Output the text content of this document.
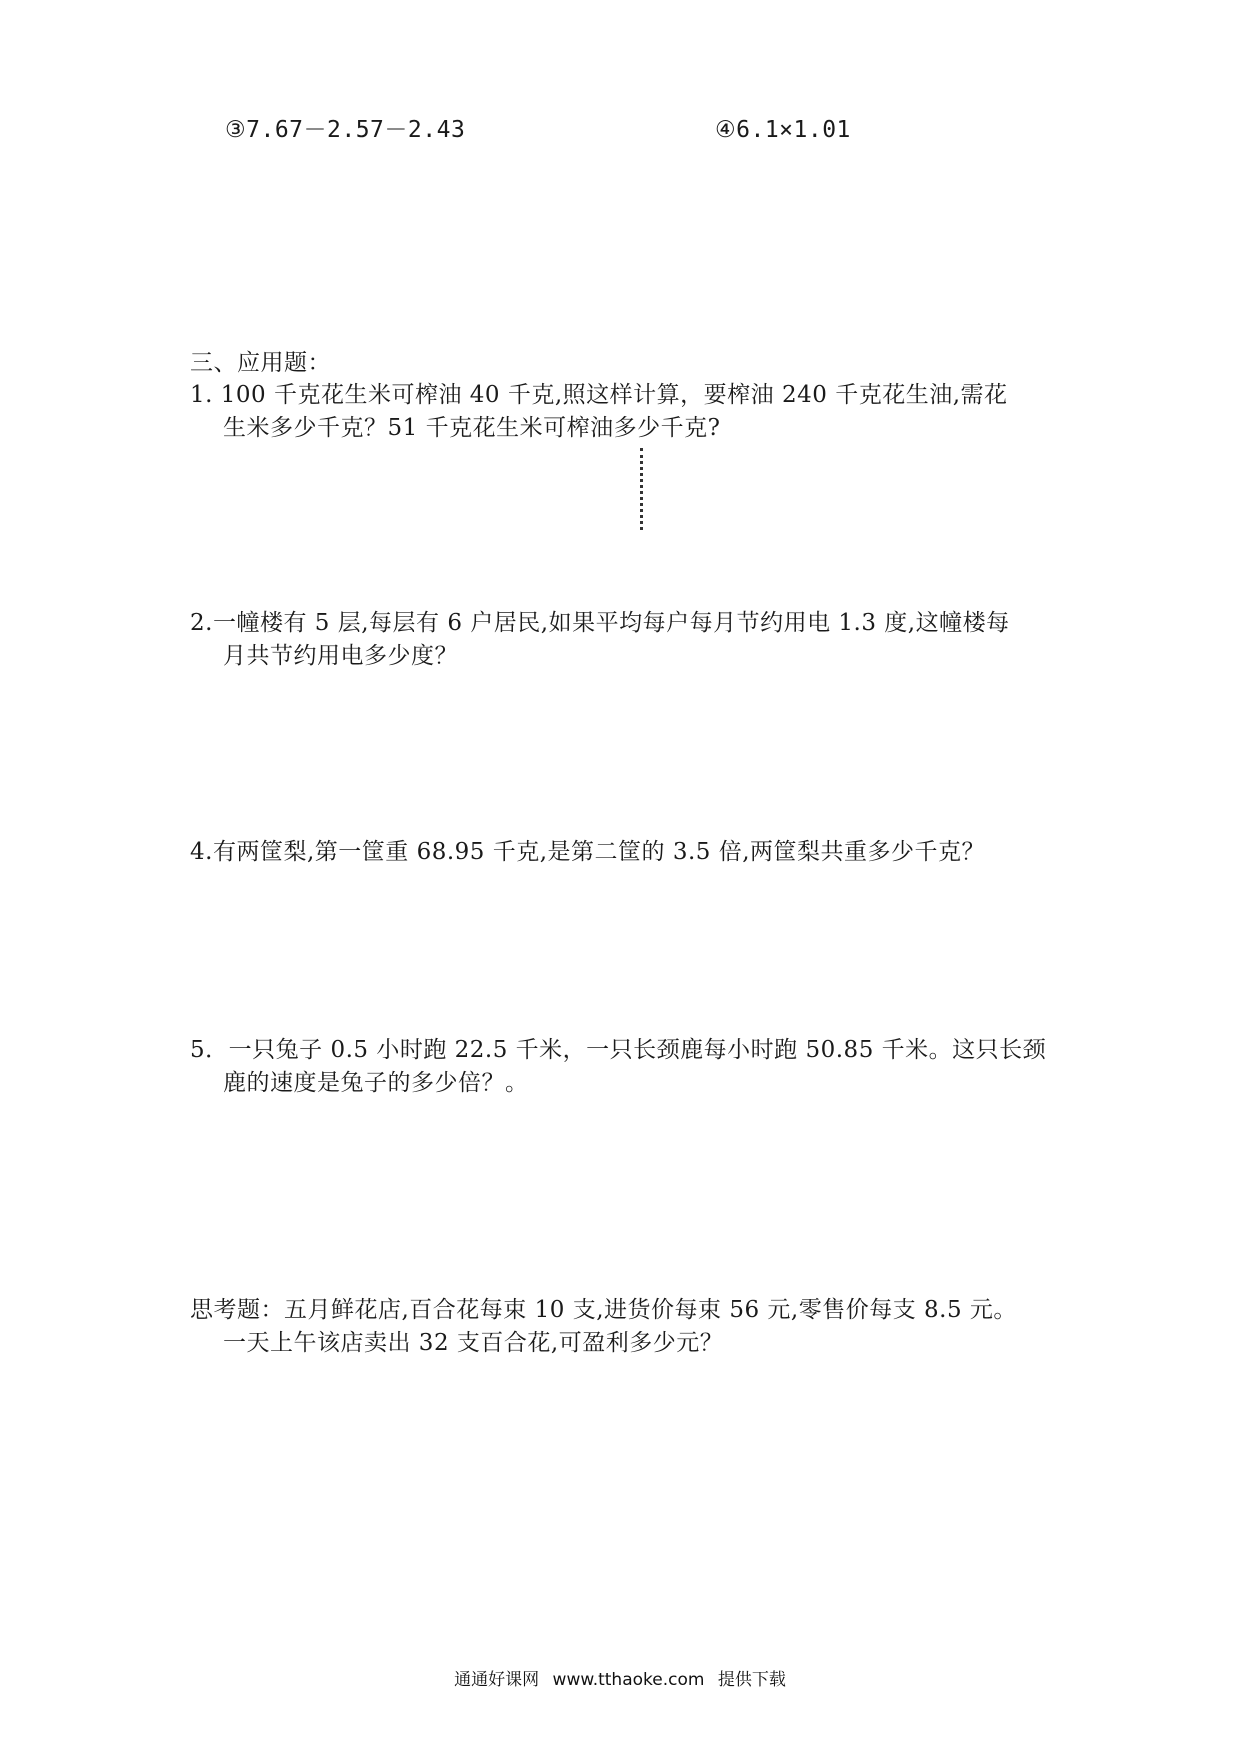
③7.67－2.57－2.43	④6.1×1.01
三、应用题：
1. 100 千克花生米可榨油 40 千克,照这样计算，要榨油 240 千克花生油,需花
生米多少千克？51 千克花生米可榨油多少千克?
2.一幢楼有 5 层,每层有 6 户居民,如果平均每户每月节约用电 1.3 度,这幢楼每
月共节约用电多少度？
4.有两筐梨,第一筐重 68.95 千克,是第二筐的 3.5 倍,两筐梨共重多少千克？
5．一只兔子 0.5 小时跑 22.5 千米，一只长颈鹿每小时跑 50.85 千米。这只长颈
鹿的速度是兔子的多少倍？。
思考题：五月鲜花店,百合花每束 10 支,进货价每束 56 元,零售价每支 8.5 元。
一天上午该店卖出 32 支百合花,可盈利多少元？
通通好课网 www.tthaoke.com 提供下载
